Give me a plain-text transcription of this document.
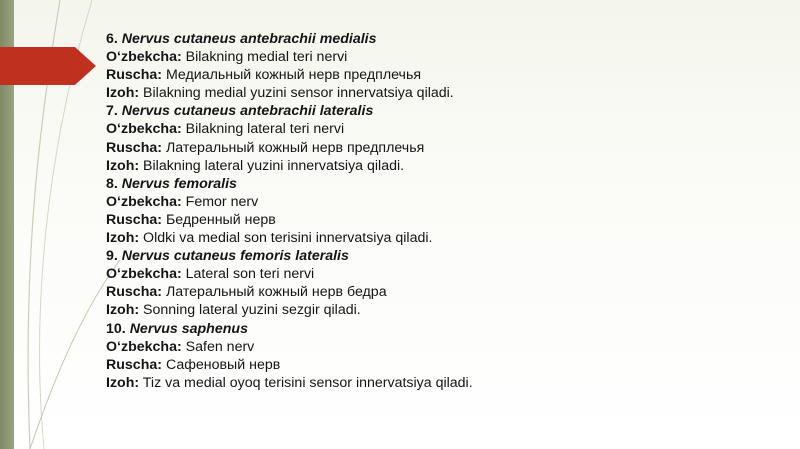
6. Nervus cutaneus antebrachii medialis
O‘zbekcha: Bilakning medial teri nervi
Ruscha: Медиальный кожный нерв предплечья
Izoh: Bilakning medial yuzini sensor innervatsiya qiladi.
7. Nervus cutaneus antebrachii lateralis
O‘zbekcha: Bilakning lateral teri nervi
Ruscha: Латеральный кожный нерв предплечья
Izoh: Bilakning lateral yuzini innervatsiya qiladi.
8. Nervus femoralis
O‘zbekcha: Femor nerv
Ruscha: Бедренный нерв
Izoh: Oldki va medial son terisini innervatsiya qiladi.
9. Nervus cutaneus femoris lateralis
O‘zbekcha: Lateral son teri nervi
Ruscha: Латеральный кожный нерв бедра
Izoh: Sonning lateral yuzini sezgir qiladi.
10. Nervus saphenus
O‘zbekcha: Safen nerv
Ruscha: Сафеновый нерв
Izoh: Tiz va medial oyoq terisini sensor innervatsiya qiladi.
